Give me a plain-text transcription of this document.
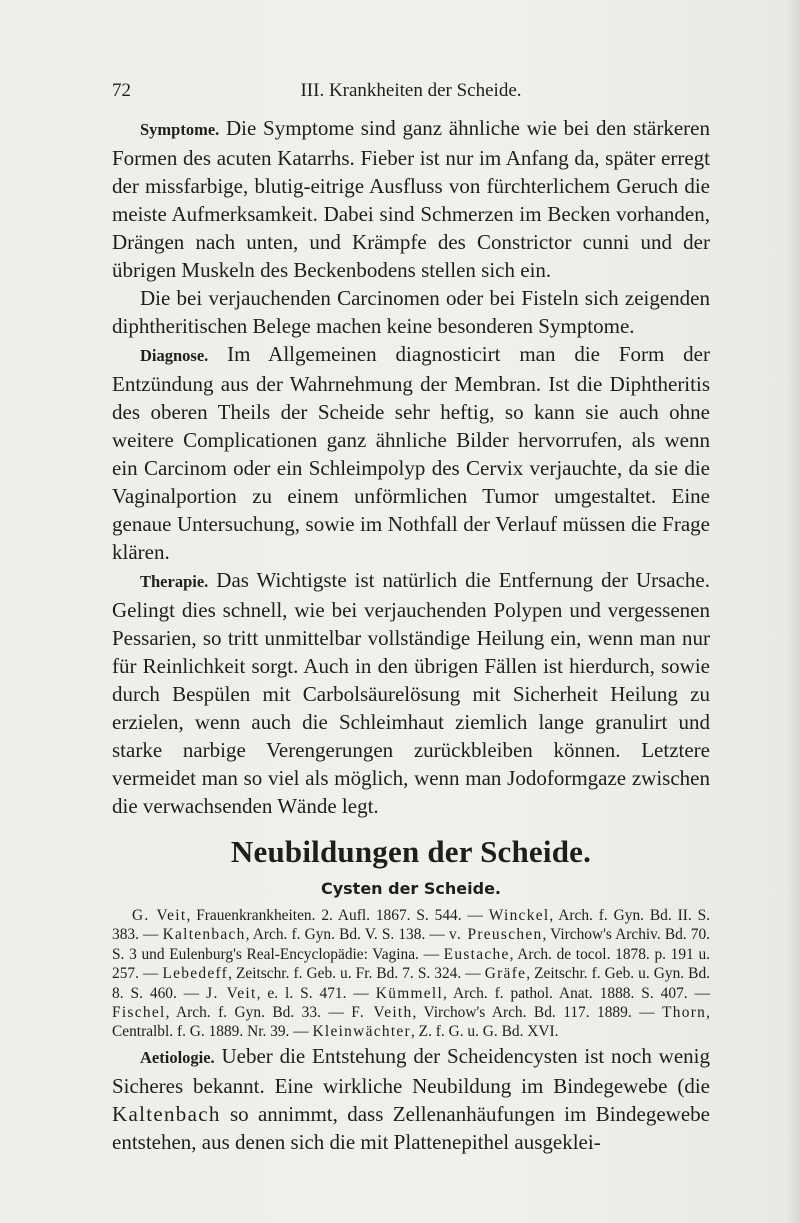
72	III. Krankheiten der Scheide.

Symptome. Die Symptome sind ganz ähnliche wie bei den stärkeren Formen des acuten Katarrhs. Fieber ist nur im Anfang da, später erregt der missfarbige, blutig-eitrige Ausfluss von fürchterlichem Geruch die meiste Aufmerksamkeit. Dabei sind Schmerzen im Becken vorhanden, Drängen nach unten, und Krämpfe des Constrictor cunni und der übrigen Muskeln des Beckenbodens stellen sich ein.

Die bei verjauchenden Carcinomen oder bei Fisteln sich zeigenden diphtheritischen Belege machen keine besonderen Symptome.

Diagnose. Im Allgemeinen diagnosticirt man die Form der Entzündung aus der Wahrnehmung der Membran. Ist die Diphtheritis des oberen Theils der Scheide sehr heftig, so kann sie auch ohne weitere Complicationen ganz ähnliche Bilder hervorrufen, als wenn ein Carcinom oder ein Schleimpolyp des Cervix verjauchte, da sie die Vaginalportion zu einem unförmlichen Tumor umgestaltet. Eine genaue Untersuchung, sowie im Nothfall der Verlauf müssen die Frage klären.

Therapie. Das Wichtigste ist natürlich die Entfernung der Ursache. Gelingt dies schnell, wie bei verjauchenden Polypen und vergessenen Pessarien, so tritt unmittelbar vollständige Heilung ein, wenn man nur für Reinlichkeit sorgt. Auch in den übrigen Fällen ist hierdurch, sowie durch Bespülen mit Carbolsäurelösung mit Sicherheit Heilung zu erzielen, wenn auch die Schleimhaut ziemlich lange granulirt und starke narbige Verengerungen zurückbleiben können. Letztere vermeidet man so viel als möglich, wenn man Jodoformgaze zwischen die verwachsenden Wände legt.

Neubildungen der Scheide.
Cysten der Scheide.

G. Veit, Frauenkrankheiten. 2. Aufl. 1867. S. 544. — Winckel, Arch. f. Gyn. Bd. II. S. 383. — Kaltenbach, Arch. f. Gyn. Bd. V. S. 138. — v. Preuschen, Virchow's Archiv. Bd. 70. S. 3 und Eulenburg's Real-Encyclopädie: Vagina. — Eustache, Arch. de tocol. 1878. p. 191 u. 257. — Lebedeff, Zeitschr. f. Geb. u. Fr. Bd. 7. S. 324. — Gräfe, Zeitschr. f. Geb. u. Gyn. Bd. 8. S. 460. — J. Veit, e. l. S. 471. — Kümmell, Arch. f. pathol. Anat. 1888. S. 407. — Fischel, Arch. f. Gyn. Bd. 33. — F. Veith, Virchow's Arch. Bd. 117. 1889. — Thorn, Centralbl. f. G. 1889. Nr. 39. — Kleinwächter, Z. f. G. u. G. Bd. XVI.

Aetiologie. Ueber die Entstehung der Scheidencysten ist noch wenig Sicheres bekannt. Eine wirkliche Neubildung im Bindegewebe (die Kaltenbach so annimmt, dass Zellenanhäufungen im Bindegewebe entstehen, aus denen sich die mit Plattenepithel ausgeklei-
